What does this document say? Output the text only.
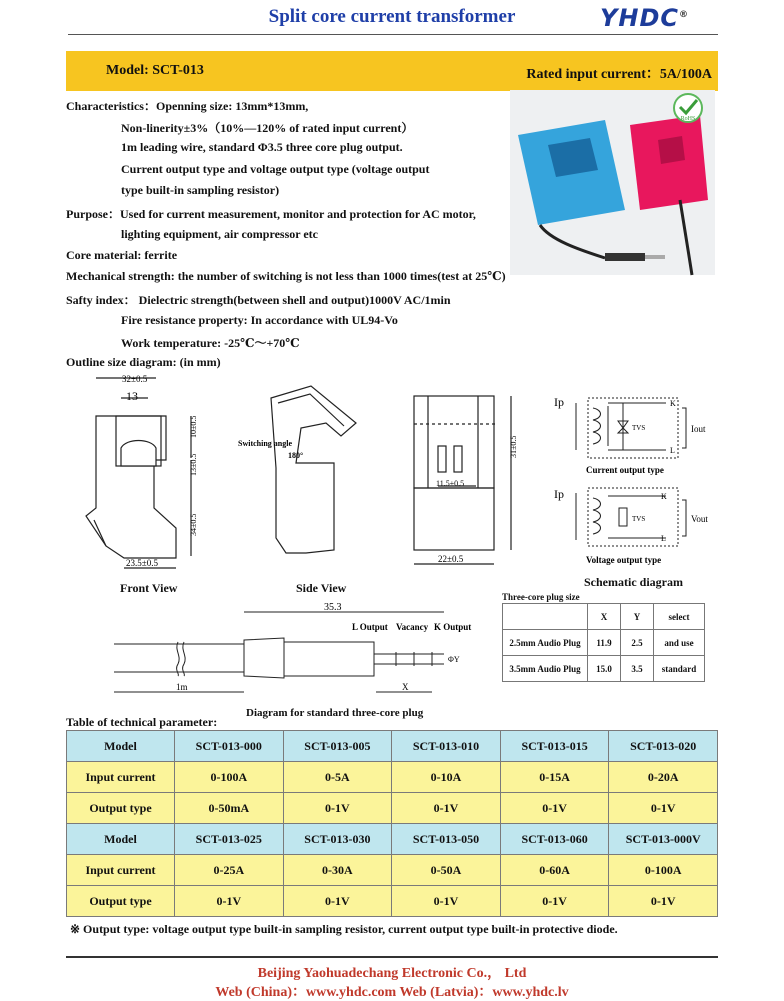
Split core current transformer	YHDC®
Model: SCT-013	Rated input current：5A/100A
Characteristics：Openning size: 13mm*13mm,
Non-linerity±3%（10%—120% of rated input current）
1m leading wire, standard Φ3.5 three core plug output.
Current output type and voltage output type (voltage output
type built-in sampling resistor)
Purpose：Used for current measurement, monitor and protection for AC motor,
lighting equipment, air compressor etc
Core material: ferrite
Mechanical strength: the number of switching is not less than 1000 times(test at 25℃)
Safty index： Dielectric strength(between shell and output)1000V AC/1min
Fire resistance property: In accordance with UL94-Vo
Work temperature: -25℃～+70℃
RoHS
Outline size diagram: (in mm)
32±0.5
13
10±0.5
13±0.5
34±0.5
23.5±0.5
Switching angle
180°	31±0.5
11.5±0.5
22±0.5
Front View	Side View
Ip	K
L
TVS	Iout
Current output type
Ip	K
L
TVS	Vout
Voltage output type
Schematic diagram
35.3
L Output Vacancy K Output
ΦY
1m	X
Diagram for standard three-core plug
Three-core plug size
	X	Y	select
2.5mm Audio Plug	11.9	2.5	and use
3.5mm Audio Plug	15.0	3.5	standard
Table of technical parameter:
Model	SCT-013-000	SCT-013-005	SCT-013-010	SCT-013-015	SCT-013-020
Input current	0-100A	0-5A	0-10A	0-15A	0-20A
Output type	0-50mA	0-1V	0-1V	0-1V	0-1V
Model	SCT-013-025	SCT-013-030	SCT-013-050	SCT-013-060	SCT-013-000V
Input current	0-25A	0-30A	0-50A	0-60A	0-100A
Output type	0-1V	0-1V	0-1V	0-1V	0-1V
※ Output type: voltage output type built-in sampling resistor, current output type built-in protective diode.
Beijing Yaohuadechang Electronic Co.， Ltd
Web (China)：www.yhdc.com Web (Latvia)：www.yhdc.lv
